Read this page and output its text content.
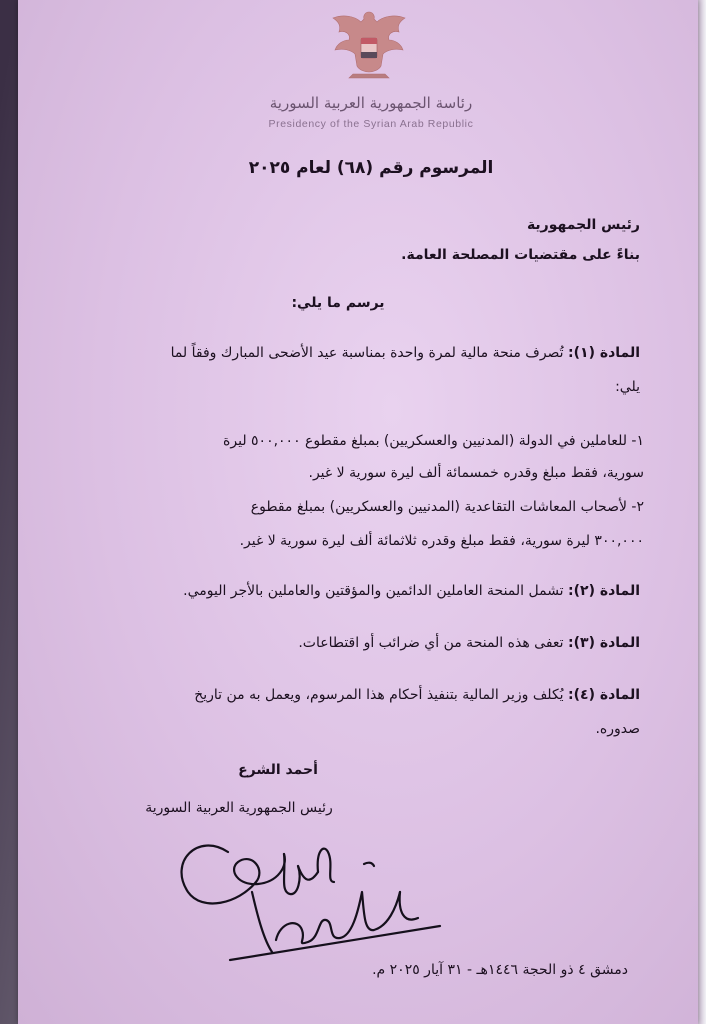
رئاسة الجمهورية العربية السورية
Presidency of the Syrian Arab Republic
المرسوم رقم (٦٨) لعام ٢٠٢٥
رئيس الجمهورية
بناءً على مقتضيات المصلحة العامة.
يرسم ما يلي:
المادة (١): تُصرف منحة مالية لمرة واحدة بمناسبة عيد الأضحى المبارك وفقاً لما
يلي:
١- للعاملين في الدولة (المدنيين والعسكريين) بمبلغ مقطوع ٥٠٠,٠٠٠ ليرة
سورية، فقط مبلغ وقدره خمسمائة ألف ليرة سورية لا غير.
٢- لأصحاب المعاشات التقاعدية (المدنيين والعسكريين) بمبلغ مقطوع
٣٠٠,٠٠٠ ليرة سورية، فقط مبلغ وقدره ثلاثمائة ألف ليرة سورية لا غير.
المادة (٢): تشمل المنحة العاملين الدائمين والمؤقتين والعاملين بالأجر اليومي.
المادة (٣): تعفى هذه المنحة من أي ضرائب أو اقتطاعات.
المادة (٤): يُكلف وزير المالية بتنفيذ أحكام هذا المرسوم، ويعمل به من تاريخ
صدوره.
أحمد الشرع
رئيس الجمهورية العربية السورية
دمشق ٤ ذو الحجة ١٤٤٦هـ - ٣١ آيار ٢٠٢٥ م.
